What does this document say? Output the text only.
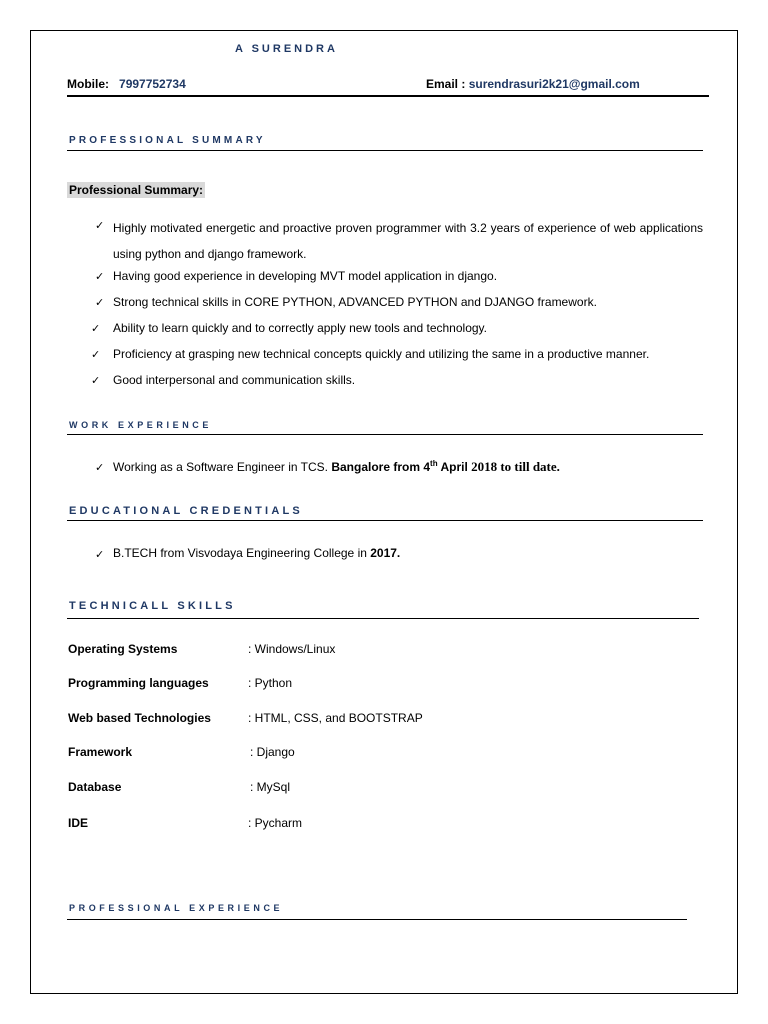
A SURENDRA
Mobile: 7997752734	Email : surendrasuri2k21@gmail.com
PROFESSIONAL SUMMARY
Professional Summary:
✓ Highly motivated energetic and proactive proven programmer with 3.2 years of experience of web applications using python and django framework.
✓ Having good experience in developing MVT model application in django.
✓ Strong technical skills in CORE PYTHON, ADVANCED PYTHON and DJANGO framework.
✓ Ability to learn quickly and to correctly apply new tools and technology.
✓ Proficiency at grasping new technical concepts quickly and utilizing the same in a productive manner.
✓ Good interpersonal and communication skills.
WORK EXPERIENCE
✓ Working as a Software Engineer in TCS. Bangalore from 4th April 2018 to till date.
EDUCATIONAL CREDENTIALS
✓ B.TECH from Visvodaya Engineering College in 2017.
TECHNICALL SKILLS
Operating Systems	: Windows/Linux
Programming languages	: Python
Web based Technologies	: HTML, CSS, and BOOTSTRAP
Framework	: Django
Database	: MySql
IDE	: Pycharm
PROFESSIONAL EXPERIENCE
